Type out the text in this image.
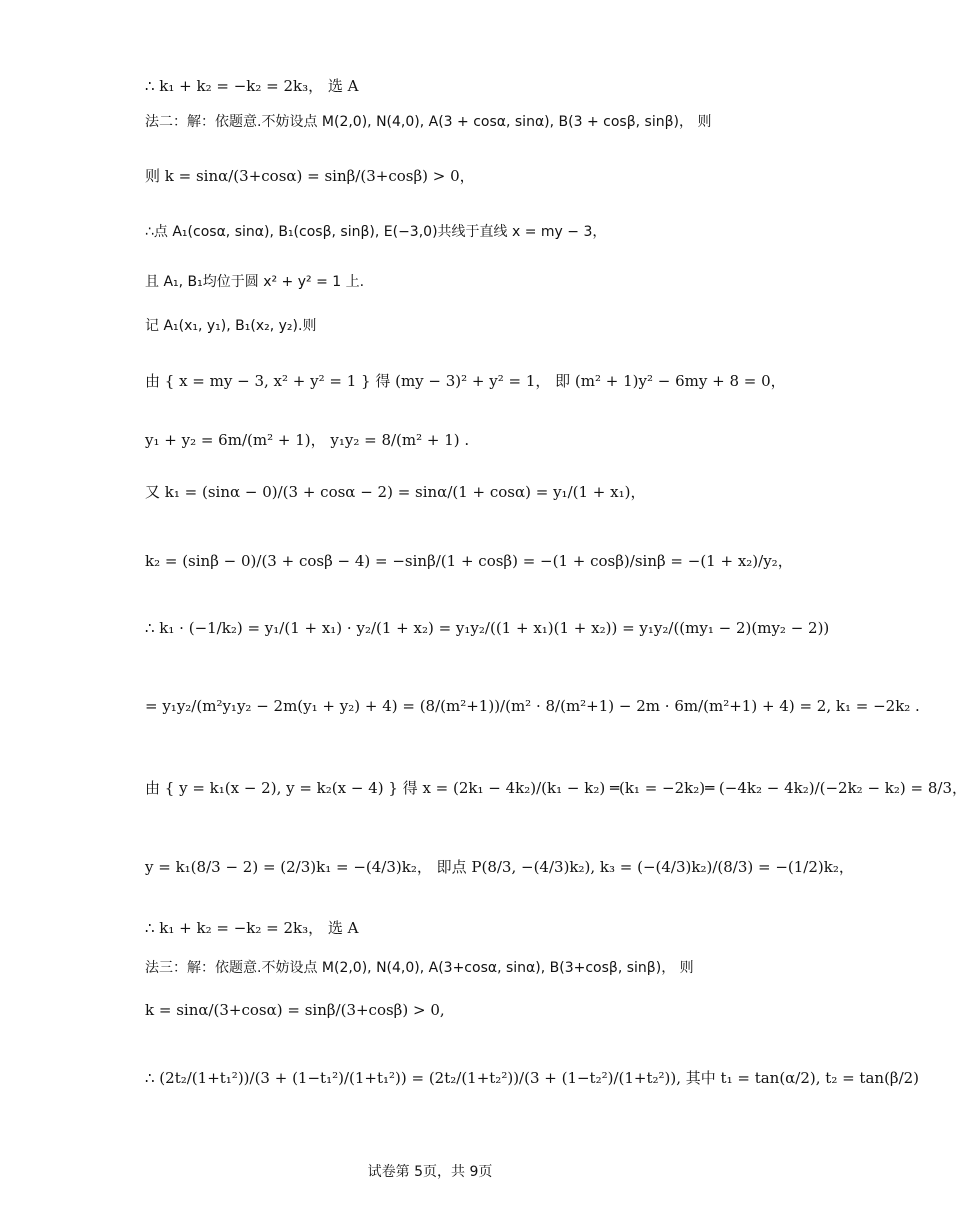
∴ k₁ + k₂ = −k₂ = 2k₃， 选 A
法二：解：依题意.不妨设点 M(2,0), N(4,0), A(3 + cosα, sinα), B(3 + cosβ, sinβ)， 则
则 k = sinα/(3+cosα) = sinβ/(3+cosβ) > 0，
∴点 A₁(cosα, sinα), B₁(cosβ, sinβ), E(−3,0)共线于直线 x = my − 3，
且 A₁, B₁均位于圆 x² + y² = 1 上.
记 A₁(x₁, y₁), B₁(x₂, y₂).则
由 { x = my − 3, x² + y² = 1 } 得 (my − 3)² + y² = 1， 即 (m² + 1)y² − 6my + 8 = 0，
y₁ + y₂ = 6m/(m² + 1)， y₁y₂ = 8/(m² + 1) .
又 k₁ = (sinα − 0)/(3 + cosα − 2) = sinα/(1 + cosα) = y₁/(1 + x₁)，
k₂ = (sinβ − 0)/(3 + cosβ − 4) = −sinβ/(1 + cosβ) = −(1 + cosβ)/sinβ = −(1 + x₂)/y₂，
∴ k₁ · (−1/k₂) = y₁/(1 + x₁) · y₂/(1 + x₂) = y₁y₂/((1 + x₁)(1 + x₂)) = y₁y₂/((my₁ − 2)(my₂ − 2))
= y₁y₂/(m²y₁y₂ − 2m(y₁ + y₂) + 4) = (8/(m²+1))/(m² · 8/(m²+1) − 2m · 6m/(m²+1) + 4) = 2, k₁ = −2k₂ .
由 { y = k₁(x − 2), y = k₂(x − 4) } 得 x = (2k₁ − 4k₂)/(k₁ − k₂) ═(k₁ = −2k₂)═ (−4k₂ − 4k₂)/(−2k₂ − k₂) = 8/3，
y = k₁(8/3 − 2) = (2/3)k₁ = −(4/3)k₂， 即点 P(8/3, −(4/3)k₂), k₃ = (−(4/3)k₂)/(8/3) = −(1/2)k₂，
∴ k₁ + k₂ = −k₂ = 2k₃， 选 A
法三：解：依题意.不妨设点 M(2,0), N(4,0), A(3+cosα, sinα), B(3+cosβ, sinβ)， 则
k = sinα/(3+cosα) = sinβ/(3+cosβ) > 0,
∴ (2t₂/(1+t₁²))/(3 + (1−t₁²)/(1+t₁²)) = (2t₂/(1+t₂²))/(3 + (1−t₂²)/(1+t₂²)), 其中 t₁ = tan(α/2), t₂ = tan(β/2)
试卷第 5页，共 9页
